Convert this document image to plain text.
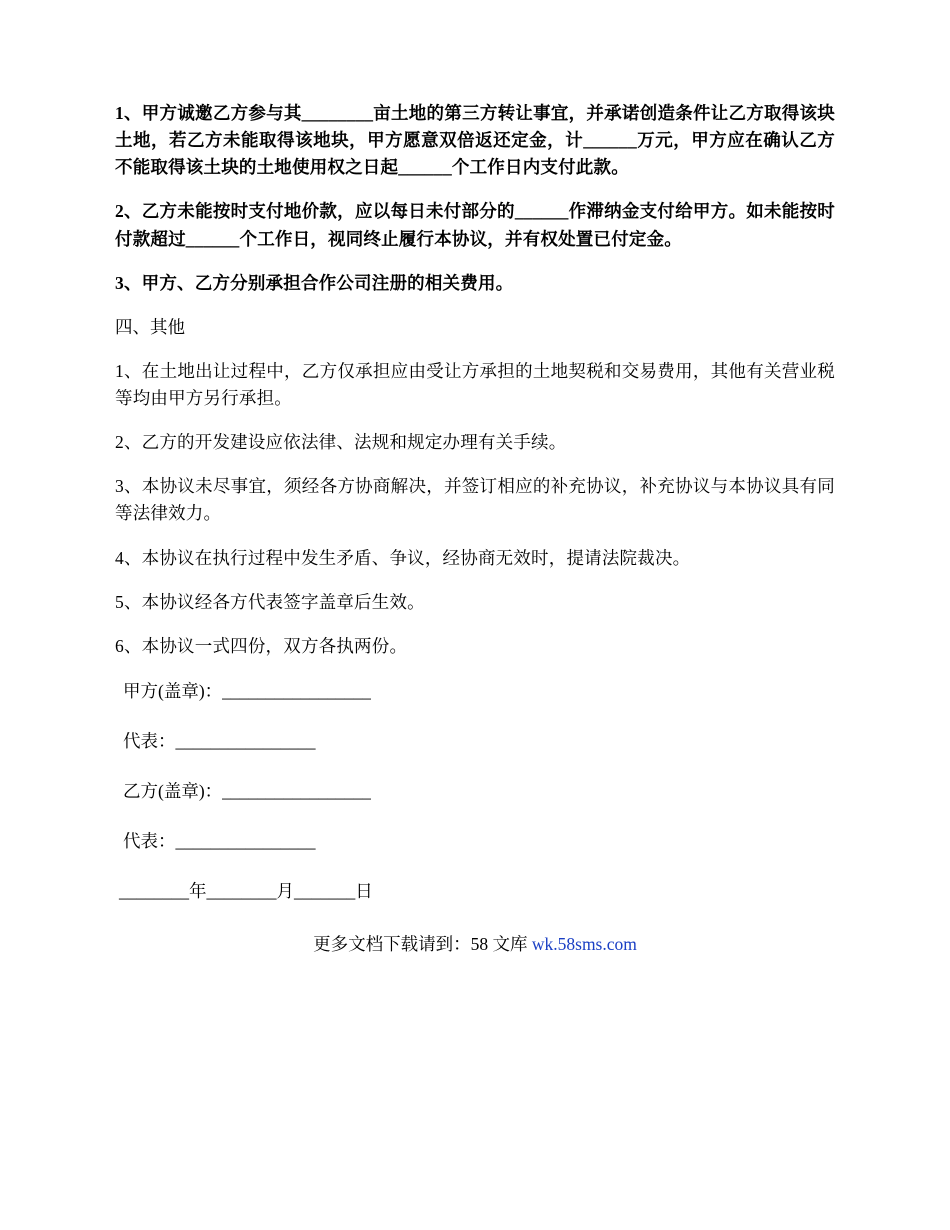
1、甲方诚邀乙方参与其________亩土地的第三方转让事宜，并承诺创造条件让乙方取得该块土地，若乙方未能取得该地块，甲方愿意双倍返还定金，计______万元，甲方应在确认乙方不能取得该土块的土地使用权之日起______个工作日内支付此款。

2、乙方未能按时支付地价款，应以每日未付部分的______作滞纳金支付给甲方。如未能按时付款超过______个工作日，视同终止履行本协议，并有权处置已付定金。

3、甲方、乙方分别承担合作公司注册的相关费用。

四、其他

1、在土地出让过程中，乙方仅承担应由受让方承担的土地契税和交易费用，其他有关营业税等均由甲方另行承担。

2、乙方的开发建设应依法律、法规和规定办理有关手续。

3、本协议未尽事宜，须经各方协商解决，并签订相应的补充协议，补充协议与本协议具有同等法律效力。

4、本协议在执行过程中发生矛盾、争议，经协商无效时，提请法院裁决。

5、本协议经各方代表签字盖章后生效。

6、本协议一式四份，双方各执两份。

甲方(盖章)：_________________

代表：________________

乙方(盖章)：_________________

代表：________________

________年________月_______日

更多文档下载请到：58 文库 wk.58sms.com
